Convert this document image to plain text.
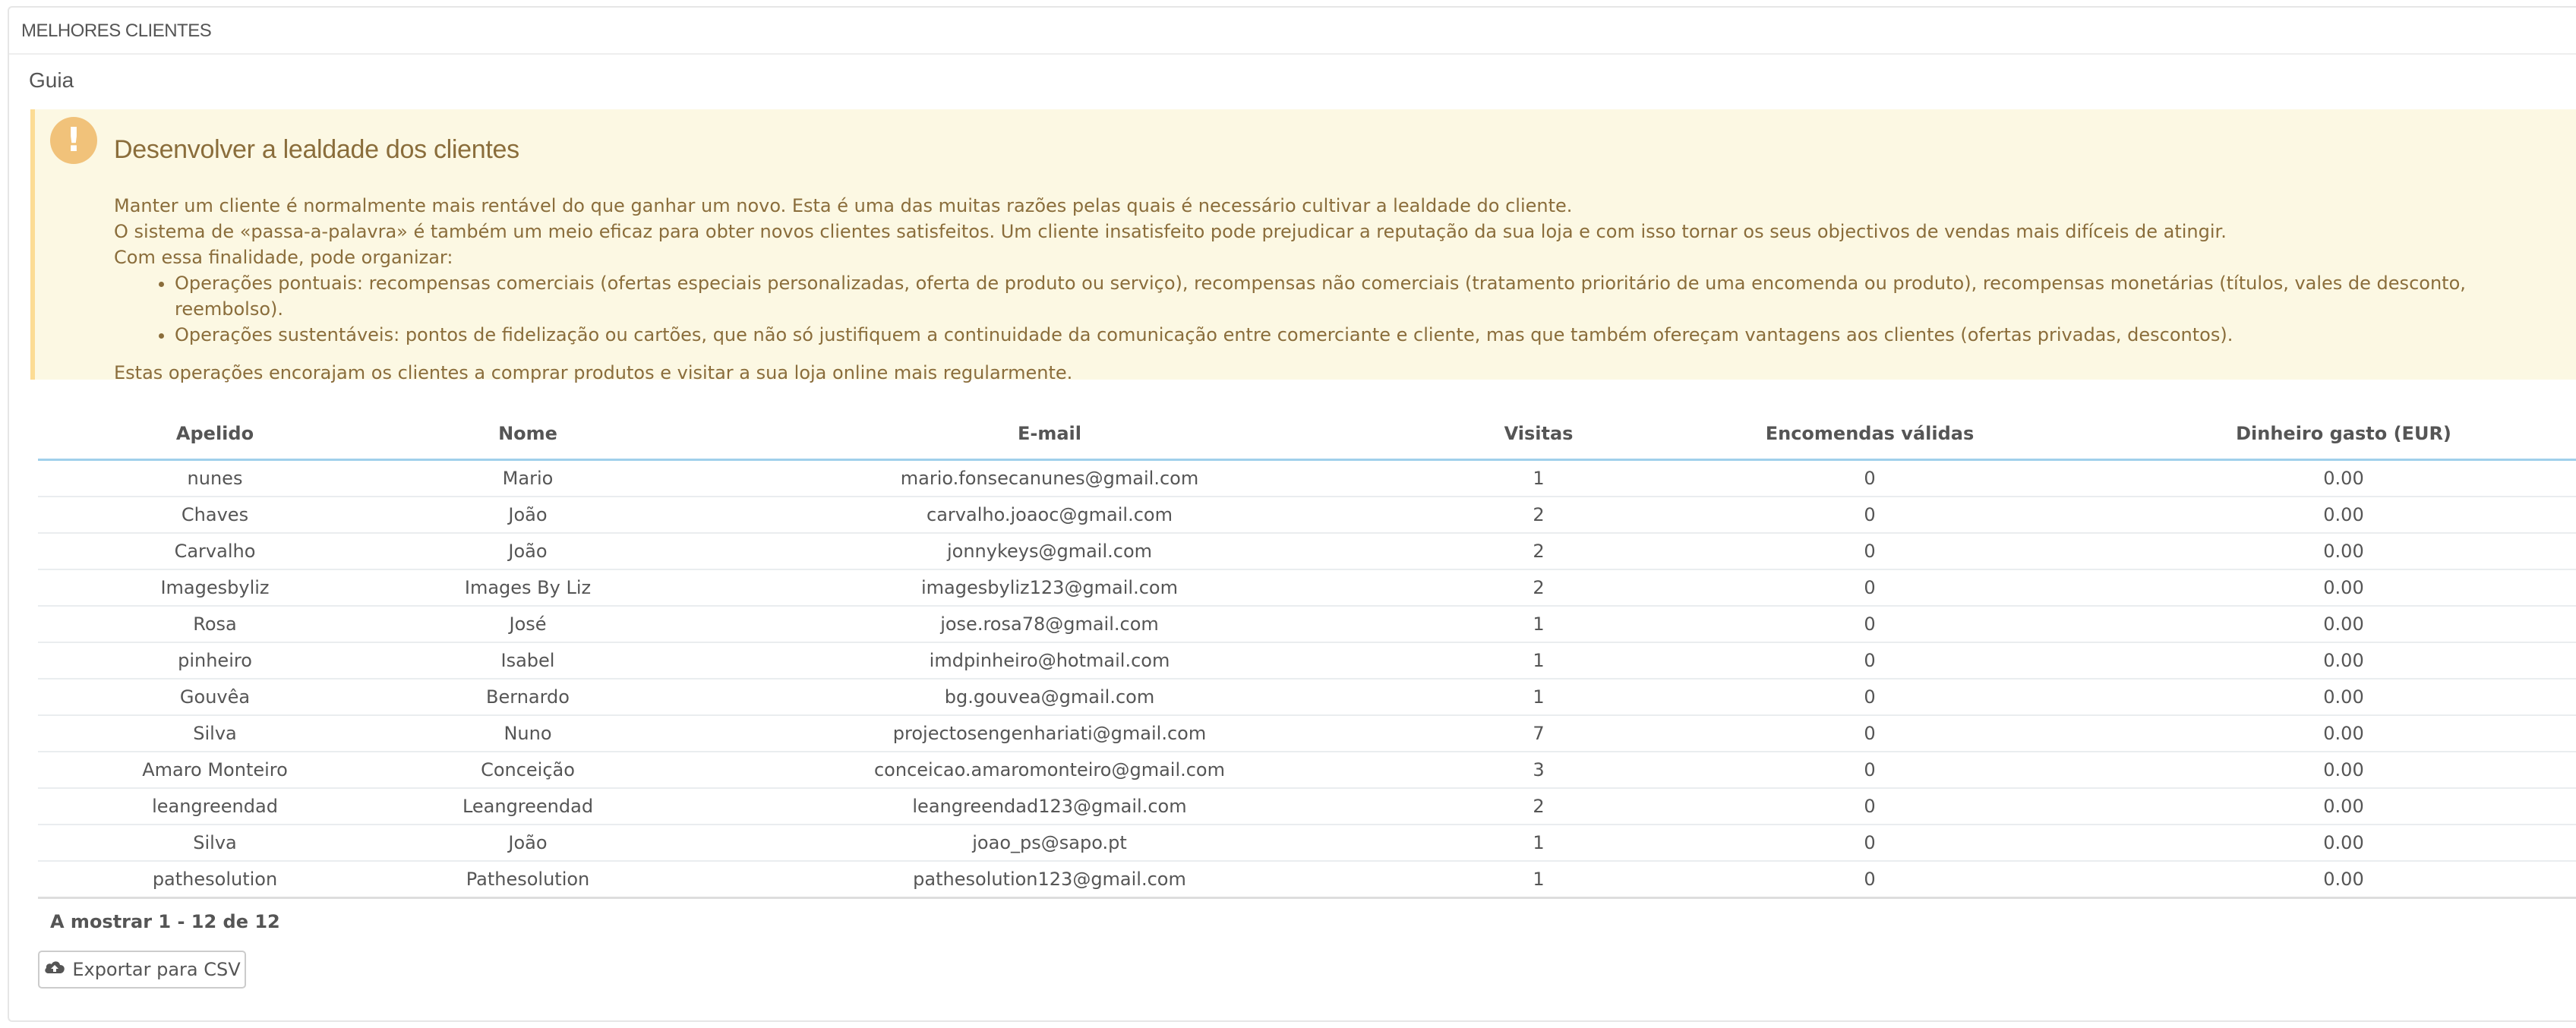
MELHORES CLIENTES
Guia
!	Desenvolver a lealdade dos clientes

Manter um cliente é normalmente mais rentável do que ganhar um novo. Esta é uma das muitas razões pelas quais é necessário cultivar a lealdade do cliente.

O sistema de «passa-a-palavra» é também um meio eficaz para obter novos clientes satisfeitos. Um cliente insatisfeito pode prejudicar a reputação da sua loja e com isso tornar os seus objectivos de vendas mais difíceis de atingir.

Com essa finalidade, pode organizar:

• Operações pontuais: recompensas comerciais (ofertas especiais personalizadas, oferta de produto ou serviço), recompensas não comerciais (tratamento prioritário de uma encomenda ou produto), recompensas monetárias (títulos, vales de desconto, reembolso).
• Operações sustentáveis: pontos de fidelização ou cartões, que não só justifiquem a continuidade da comunicação entre comerciante e cliente, mas que também ofereçam vantagens aos clientes (ofertas privadas, descontos).

Estas operações encorajam os clientes a comprar produtos e visitar a sua loja online mais regularmente.

Apelido	Nome	E-mail	Visitas	Encomendas válidas	Dinheiro gasto (EUR)
nunes	Mario	mario.fonsecanunes@gmail.com	1	0	0.00
Chaves	João	carvalho.joaoc@gmail.com	2	0	0.00
Carvalho	João	jonnykeys@gmail.com	2	0	0.00
Imagesbyliz	Images By Liz	imagesbyliz123@gmail.com	2	0	0.00
Rosa	José	jose.rosa78@gmail.com	1	0	0.00
pinheiro	Isabel	imdpinheiro@hotmail.com	1	0	0.00
Gouvêa	Bernardo	bg.gouvea@gmail.com	1	0	0.00
Silva	Nuno	projectosengenhariati@gmail.com	7	0	0.00
Amaro Monteiro	Conceição	conceicao.amaromonteiro@gmail.com	3	0	0.00
leangreendad	Leangreendad	leangreendad123@gmail.com	2	0	0.00
Silva	João	joao_ps@sapo.pt	1	0	0.00
pathesolution	Pathesolution	pathesolution123@gmail.com	1	0	0.00
A mostrar 1 - 12 de 12
Exportar para CSV
